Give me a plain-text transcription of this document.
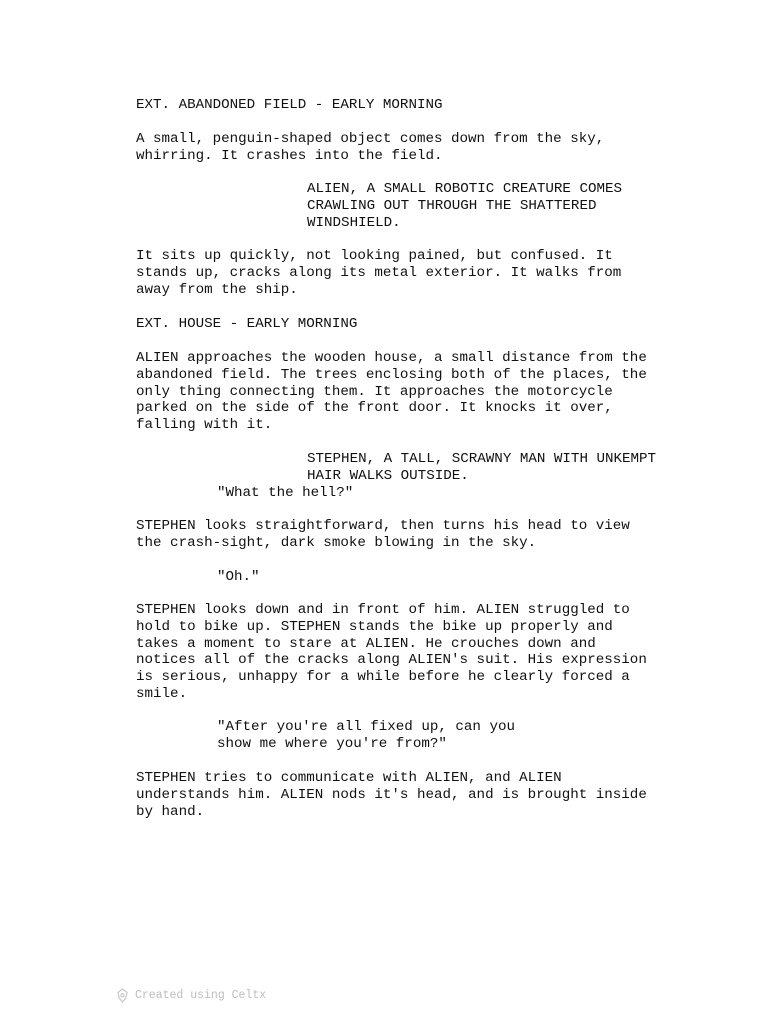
EXT. ABANDONED FIELD - EARLY MORNING

A small, penguin-shaped object comes down from the sky,
whirring. It crashes into the field.

ALIEN, A SMALL ROBOTIC CREATURE COMES
CRAWLING OUT THROUGH THE SHATTERED
WINDSHIELD.

It sits up quickly, not looking pained, but confused. It
stands up, cracks along its metal exterior. It walks from
away from the ship.

EXT. HOUSE - EARLY MORNING

ALIEN approaches the wooden house, a small distance from the
abandoned field. The trees enclosing both of the places, the
only thing connecting them. It approaches the motorcycle
parked on the side of the front door. It knocks it over,
falling with it.

STEPHEN, A TALL, SCRAWNY MAN WITH UNKEMPT
HAIR WALKS OUTSIDE.

"What the hell?"

STEPHEN looks straightforward, then turns his head to view
the crash-sight, dark smoke blowing in the sky.

"Oh."

STEPHEN looks down and in front of him. ALIEN struggled to
hold to bike up. STEPHEN stands the bike up properly and
takes a moment to stare at ALIEN. He crouches down and
notices all of the cracks along ALIEN's suit. His expression
is serious, unhappy for a while before he clearly forced a
smile.

"After you're all fixed up, can you
show me where you're from?"

STEPHEN tries to communicate with ALIEN, and ALIEN
understands him. ALIEN nods it's head, and is brought inside
by hand.

Created using Celtx
